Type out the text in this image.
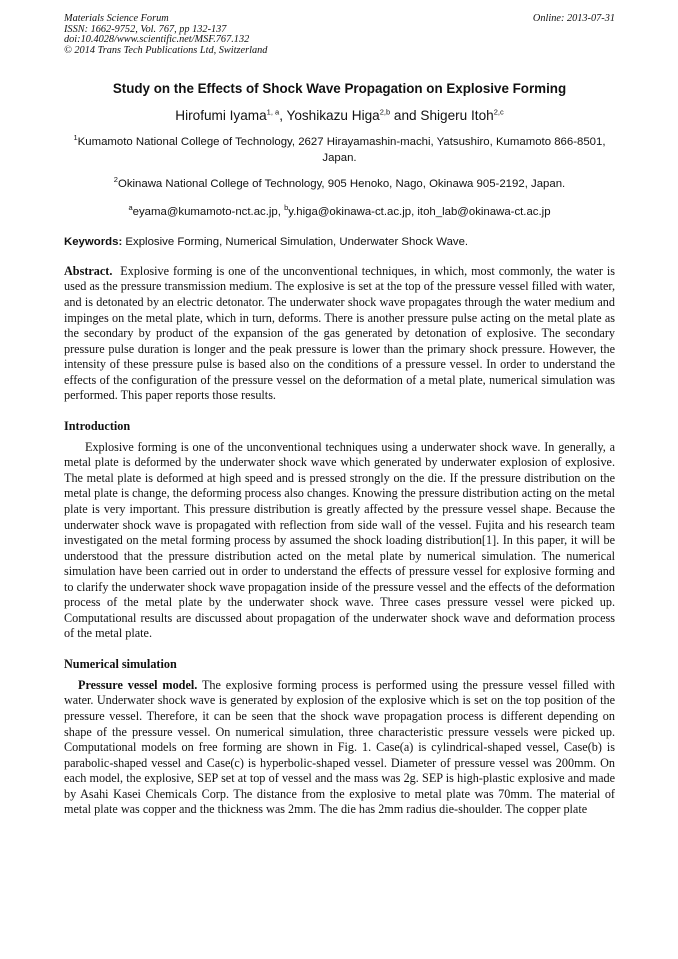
Materials Science Forum
ISSN: 1662-9752, Vol. 767, pp 132-137
doi:10.4028/www.scientific.net/MSF.767.132
© 2014 Trans Tech Publications Ltd, Switzerland
Online: 2013-07-31
Study on the Effects of Shock Wave Propagation on Explosive Forming
Hirofumi Iyama$^{1, a}$, Yoshikazu Higa$^{2,b}$ and Shigeru Itoh$^{2,c}$
$^1$Kumamoto National College of Technology, 2627 Hirayamashin-machi, Yatsushiro, Kumamoto 866-8501, Japan.
$^2$Okinawa National College of Technology, 905 Henoko, Nago, Okinawa 905-2192, Japan.
$^a$eyama@kumamoto-nct.ac.jp, $^b$y.higa@okinawa-ct.ac.jp, itoh_lab@okinawa-ct.ac.jp
Keywords: Explosive Forming, Numerical Simulation, Underwater Shock Wave.

Abstract. Explosive forming is one of the unconventional techniques, in which, most commonly, the water is used as the pressure transmission medium. The explosive is set at the top of the pressure vessel filled with water, and is detonated by an electric detonator. The underwater shock wave propagates through the water medium and impinges on the metal plate, which in turn, deforms. There is another pressure pulse acting on the metal plate as the secondary by product of the expansion of the gas generated by detonation of explosive. The secondary pressure pulse duration is longer and the peak pressure is lower than the primary shock pressure. However, the intensity of these pressure pulse is based also on the conditions of a pressure vessel. In order to understand the effects of the configuration of the pressure vessel on the deformation of a metal plate, numerical simulation was performed. This paper reports those results.

Introduction

Explosive forming is one of the unconventional techniques using a underwater shock wave. In generally, a metal plate is deformed by the underwater shock wave which generated by underwater explosion of explosive. The metal plate is deformed at high speed and is pressed strongly on the die. If the pressure distribution on the metal plate is change, the deforming process also changes. Knowing the pressure distribution acting on the metal plate is very important. This pressure distribution is greatly affected by the pressure vessel shape. Because the underwater shock wave is propagated with reflection from side wall of the vessel. Fujita and his research team investigated on the metal forming process by assumed the shock loading distribution[1]. In this paper, it will be understood that the pressure distribution acted on the metal plate by numerical simulation. The numerical simulation have been carried out in order to understand the effects of pressure vessel for explosive forming and to clarify the underwater shock wave propagation inside of the pressure vessel and the effects of the deformation process of the metal plate by the underwater shock wave. Three cases pressure vessel were picked up. Computational results are discussed about propagation of the underwater shock wave and deformation process of the metal plate.

Numerical simulation

Pressure vessel model. The explosive forming process is performed using the pressure vessel filled with water. Underwater shock wave is generated by explosion of the explosive which is set on the top position of the pressure vessel. Therefore, it can be seen that the shock wave propagation process is different depending on shape of the pressure vessel. On numerical simulation, three characteristic pressure vessels were picked up. Computational models on free forming are shown in Fig. 1. Case(a) is cylindrical-shaped vessel, Case(b) is parabolic-shaped vessel and Case(c) is hyperbolic-shaped vessel. Diameter of pressure vessel was 200mm. On each model, the explosive, SEP set at top of vessel and the mass was 2g. SEP is high-plastic explosive and made by Asahi Kasei Chemicals Corp. The distance from the explosive to metal plate was 70mm. The material of metal plate was copper and the thickness was 2mm. The die has 2mm radius die-shoulder. The copper plate
